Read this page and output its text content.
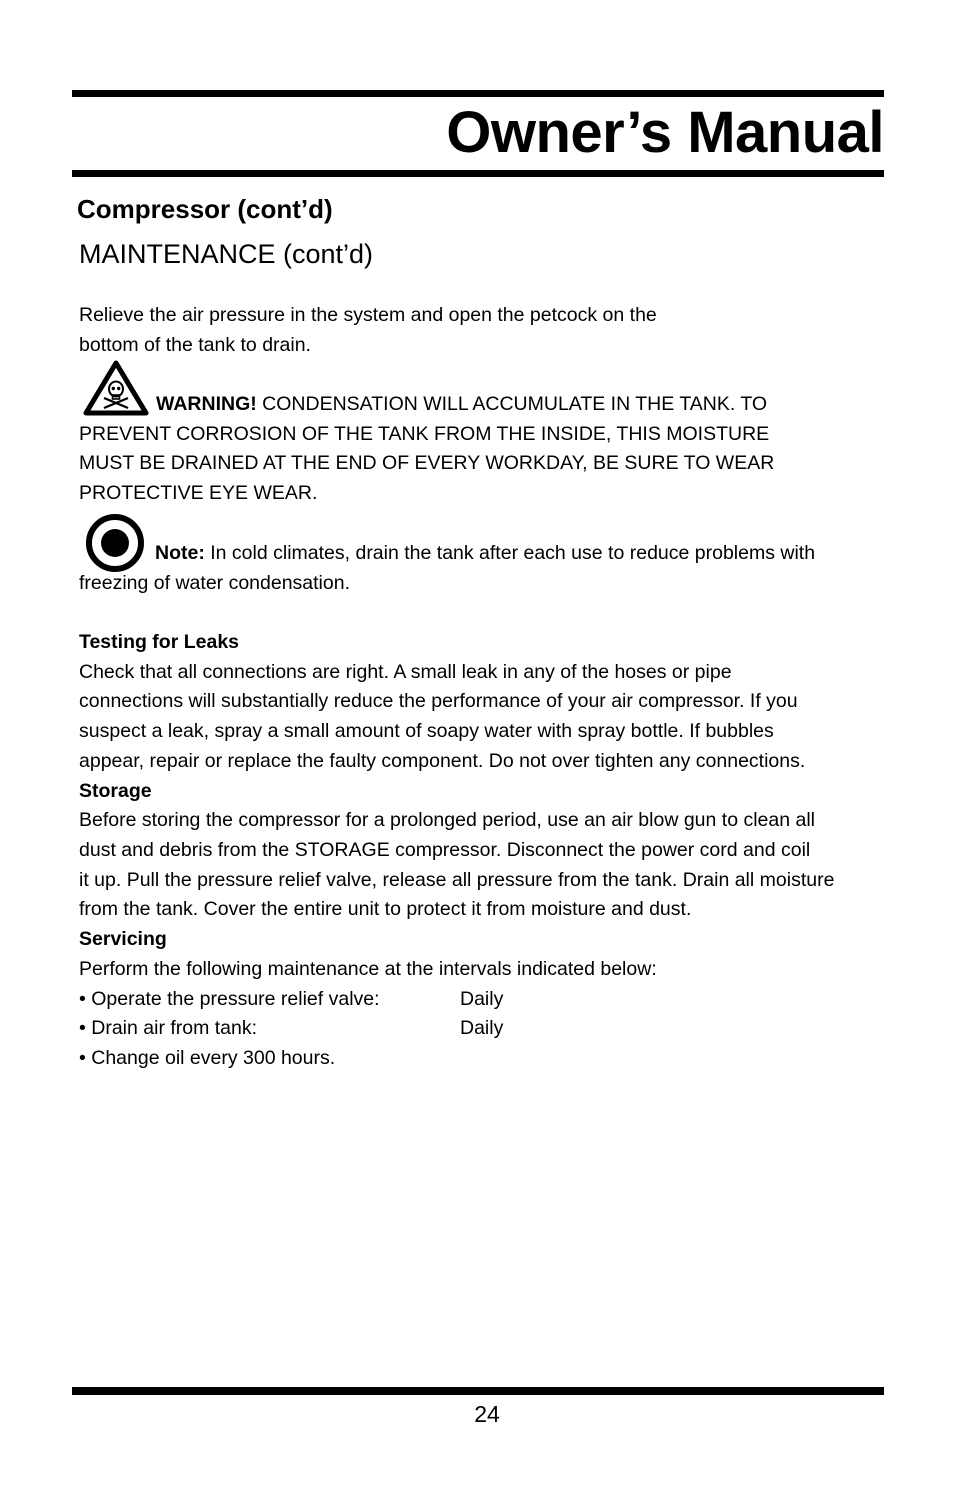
Owner’s Manual
Compressor (cont’d)
MAINTENANCE (cont’d)
Relieve the air pressure in the system and open the petcock on the
bottom of the tank to drain.
WARNING! CONDENSATION WILL ACCUMULATE IN THE TANK. TO
PREVENT CORROSION OF THE TANK FROM THE INSIDE, THIS MOISTURE
MUST BE DRAINED AT THE END OF EVERY WORKDAY, BE SURE TO WEAR
PROTECTIVE EYE WEAR.
Note: In cold climates, drain the tank after each use to reduce problems with
freezing of water condensation.
Testing for Leaks
Check that all connections are right. A small leak in any of the hoses or pipe
connections will substantially reduce the performance of your air compressor. If you
suspect a leak, spray a small amount of soapy water with spray bottle. If bubbles
appear, repair or replace the faulty component. Do not over tighten any connections.
Storage
Before storing the compressor for a prolonged period, use an air blow gun to clean all
dust and debris from the STORAGE compressor. Disconnect the power cord and coil
it up. Pull the pressure relief valve, release all pressure from the tank. Drain all moisture
from the tank. Cover the entire unit to protect it from moisture and dust.
Servicing
Perform the following maintenance at the intervals indicated below:
• Operate the pressure relief valve:	Daily
• Drain air from tank:	Daily
• Change oil every 300 hours.
24
